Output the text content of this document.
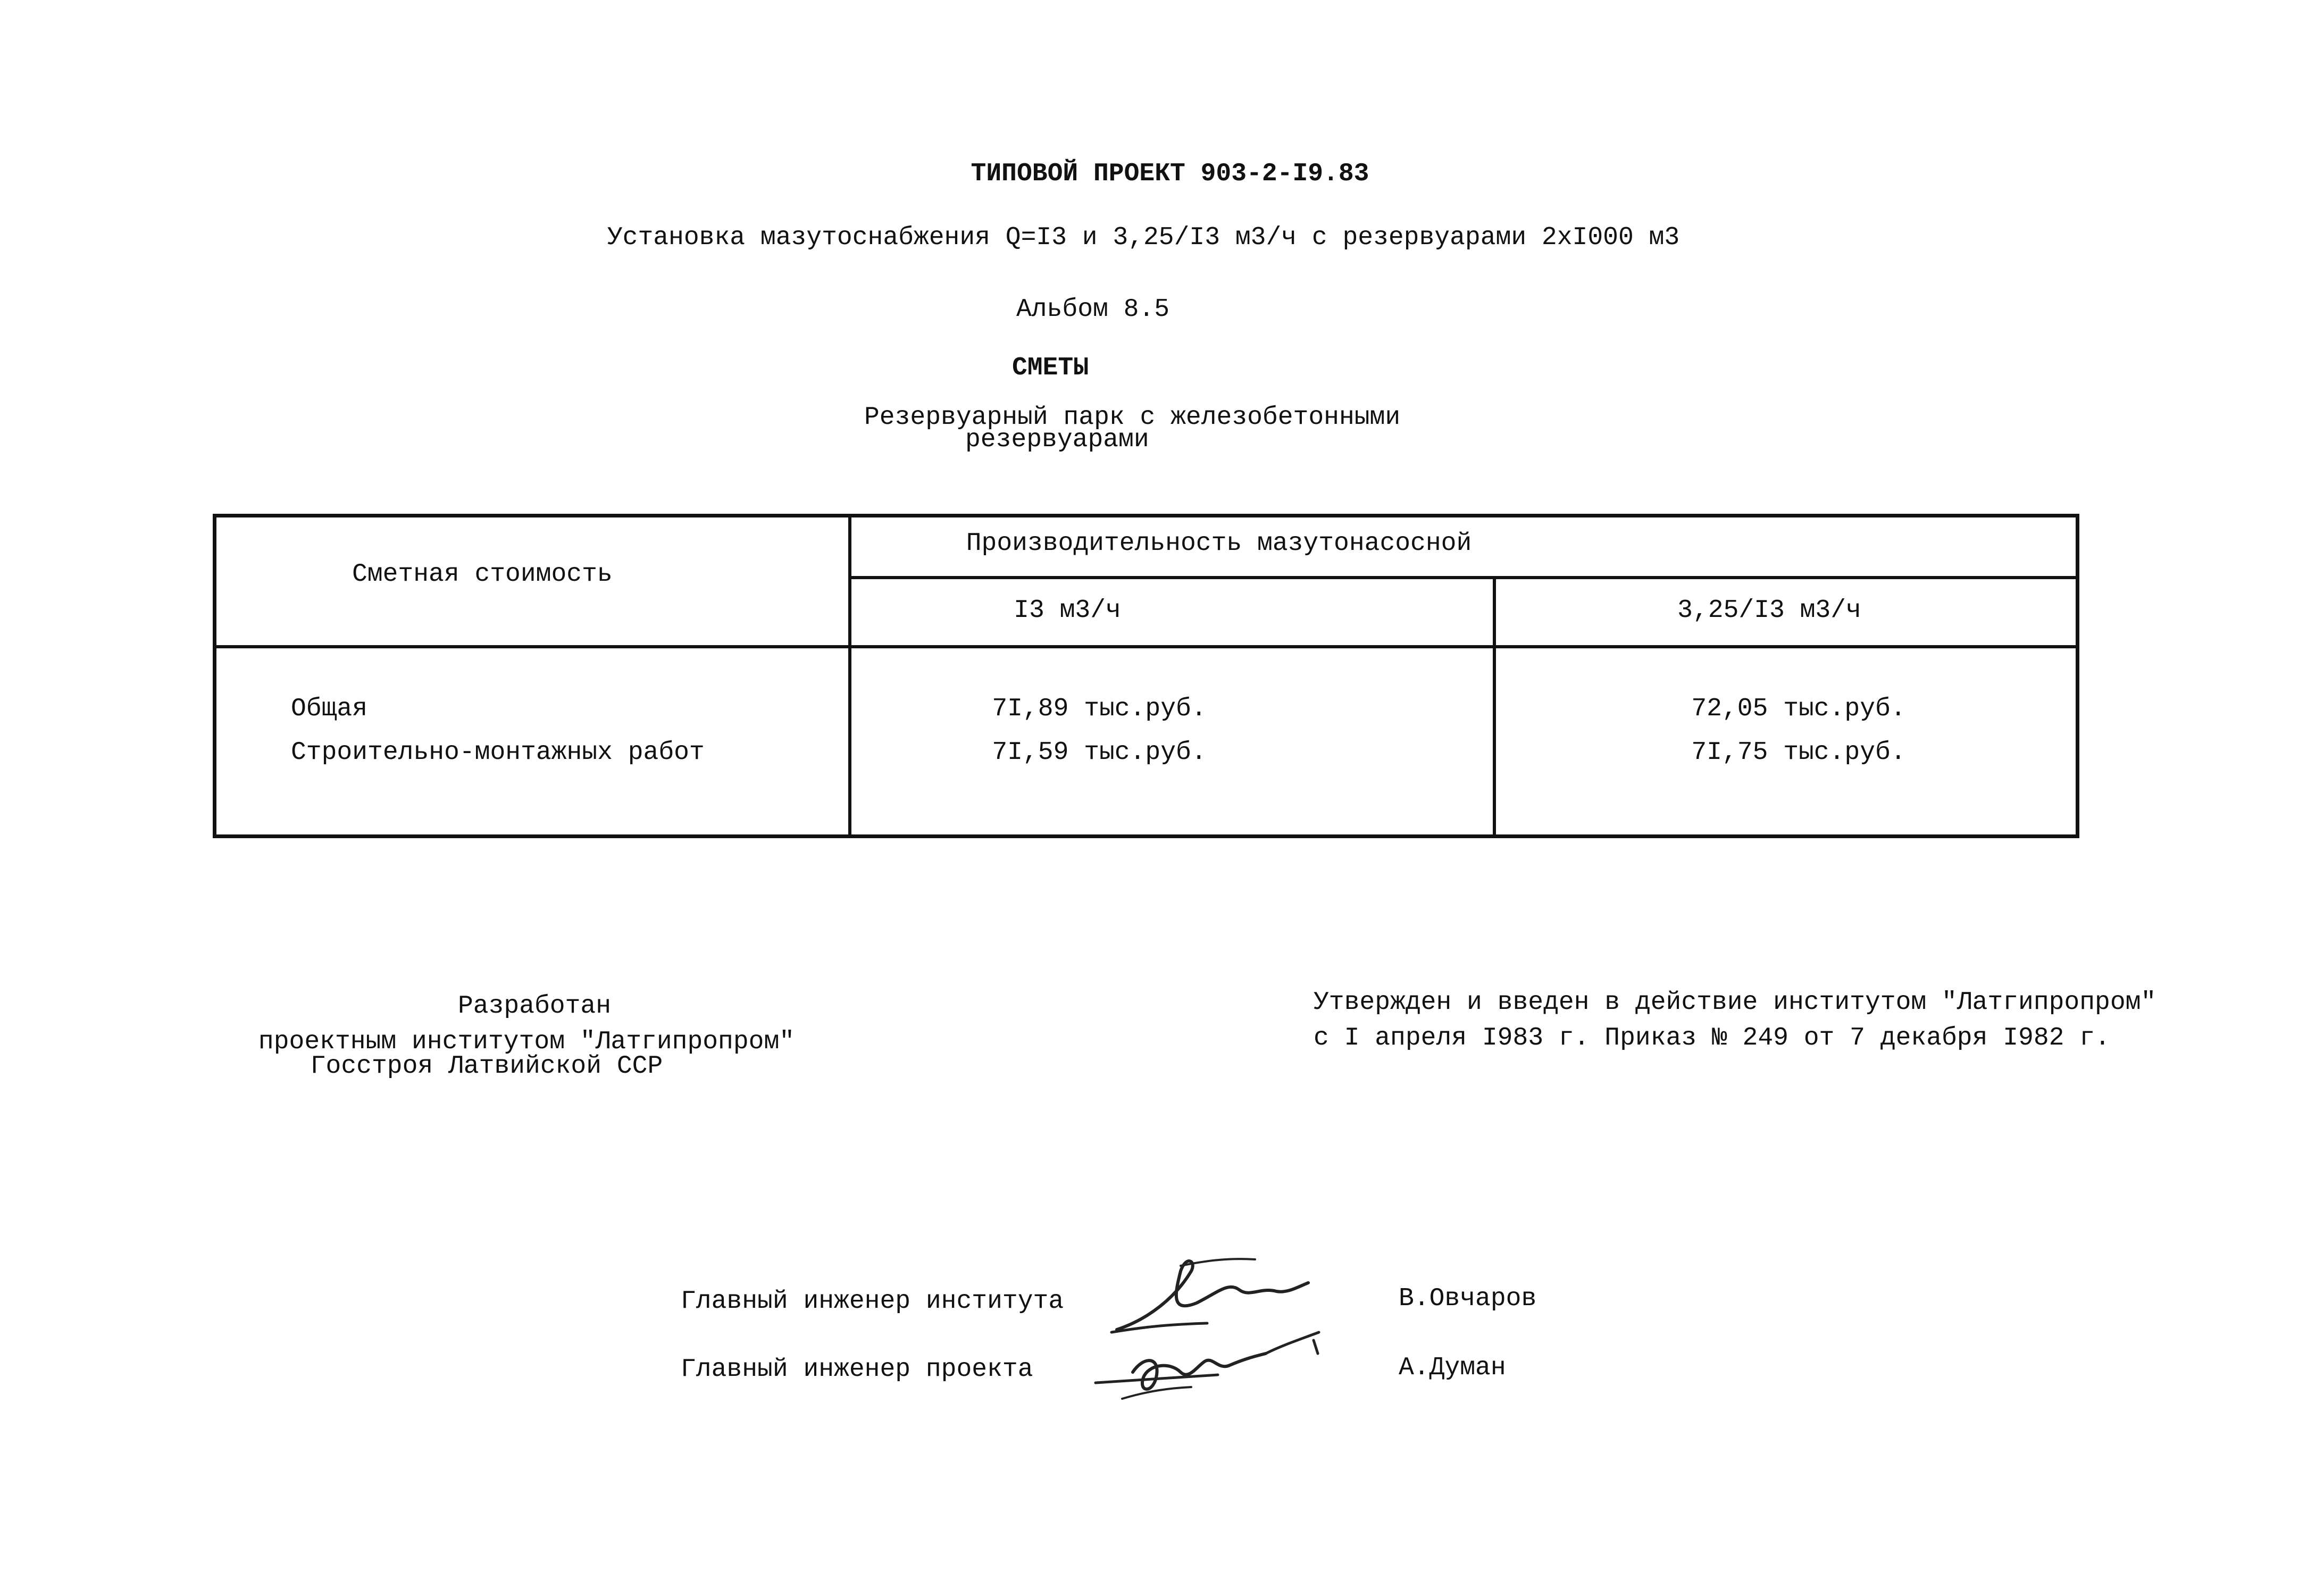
ТИПОВОЙ ПРОЕКТ 903-2-I9.83
Установка мазутоснабжения Q=I3 и 3,25/I3 м3/ч с резервуарами 2хI000 м3
Альбом 8.5
СМЕТЫ
Резервуарный парк с железобетонными
резервуарами
Сметная стоимость
Производительность мазутонасосной
I3 м3/ч	3,25/I3 м3/ч
Общая	7I,89 тыс.руб.	72,05 тыс.руб.
Строительно-монтажных работ	7I,59 тыс.руб.	7I,75 тыс.руб.
Разработан
проектным институтом "Латгипропром"
Госстроя Латвийской ССР
Утвержден и введен в действие институтом "Латгипропром"
с I апреля I983 г. Приказ № 249 от 7 декабря I982 г.
Главный инженер института	В.Овчаров
Главный инженер проекта	А.Думан
